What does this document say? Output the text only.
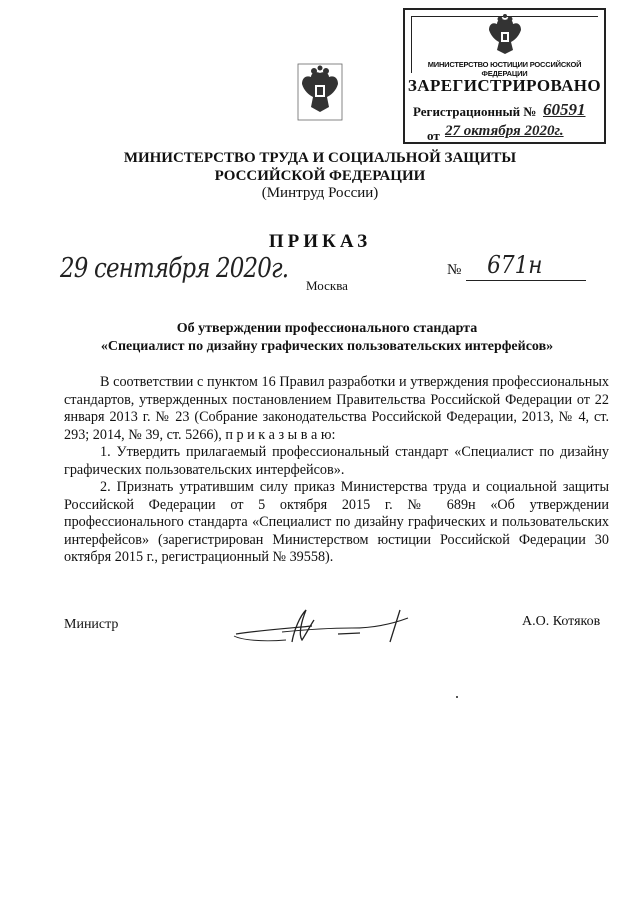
МИНИСТЕРСТВО ЮСТИЦИИ РОССИЙСКОЙ ФЕДЕРАЦИИ
ЗАРЕГИСТРИРОВАНО
Регистрационный № 60591
от 27 октября 2020г.
МИНИСТЕРСТВО ТРУДА И СОЦИАЛЬНОЙ ЗАЩИТЫ
РОССИЙСКОЙ ФЕДЕРАЦИИ
(Минтруд России)
ПРИКАЗ
29 сентября 2020г.	№ 671н
Москва
Об утверждении профессионального стандарта
«Специалист по дизайну графических пользовательских интерфейсов»

В соответствии с пунктом 16 Правил разработки и утверждения профессиональных стандартов, утвержденных постановлением Правительства Российской Федерации от 22 января 2013 г. № 23 (Собрание законодательства Российской Федерации, 2013, № 4, ст. 293; 2014, № 39, ст. 5266), п р и к а з ы в а ю:

1. Утвердить прилагаемый профессиональный стандарт «Специалист по дизайну графических пользовательских интерфейсов».

2. Признать утратившим силу приказ Министерства труда и социальной защиты Российской Федерации от 5 октября 2015 г. № 689н «Об утверждении профессионального стандарта «Специалист по дизайну графических и пользовательских интерфейсов» (зарегистрирован Министерством юстиции Российской Федерации 30 октября 2015 г., регистрационный № 39558).

Министр	А.О. Котяков
